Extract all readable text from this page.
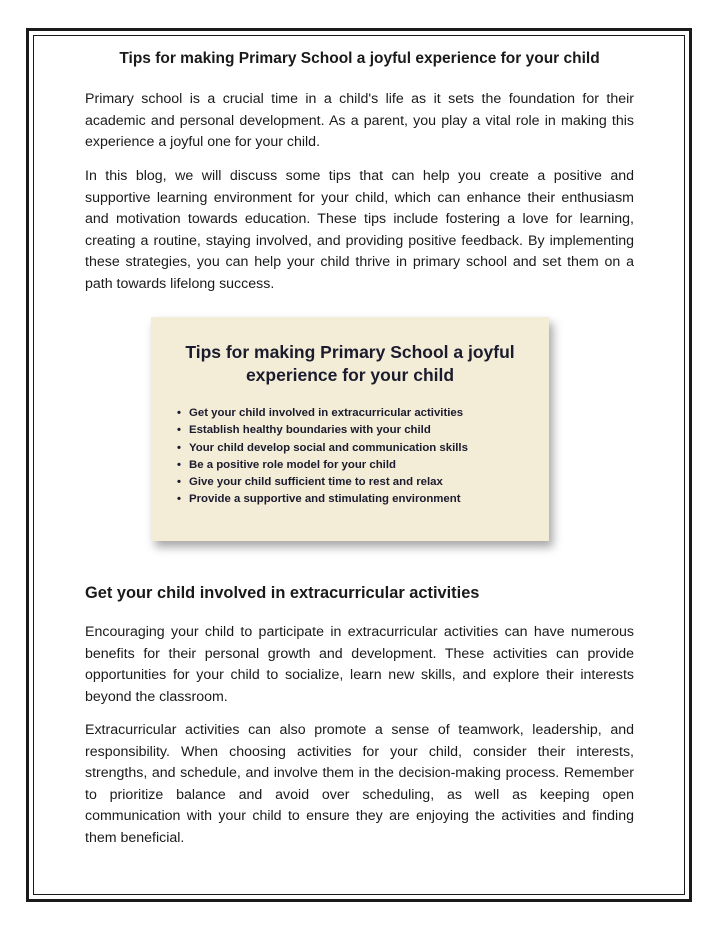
Tips for making Primary School a joyful experience for your child

Primary school is a crucial time in a child's life as it sets the foundation for their academic and personal development. As a parent, you play a vital role in making this experience a joyful one for your child.

In this blog, we will discuss some tips that can help you create a positive and supportive learning environment for your child, which can enhance their enthusiasm and motivation towards education. These tips include fostering a love for learning, creating a routine, staying involved, and providing positive feedback. By implementing these strategies, you can help your child thrive in primary school and set them on a path towards lifelong success.

Tips for making Primary School a joyful experience for your child
• Get your child involved in extracurricular activities
• Establish healthy boundaries with your child
• Your child develop social and communication skills
• Be a positive role model for your child
• Give your child sufficient time to rest and relax
• Provide a supportive and stimulating environment
Get your child involved in extracurricular activities

Encouraging your child to participate in extracurricular activities can have numerous benefits for their personal growth and development. These activities can provide opportunities for your child to socialize, learn new skills, and explore their interests beyond the classroom.

Extracurricular activities can also promote a sense of teamwork, leadership, and responsibility. When choosing activities for your child, consider their interests, strengths, and schedule, and involve them in the decision-making process. Remember to prioritize balance and avoid over scheduling, as well as keeping open communication with your child to ensure they are enjoying the activities and finding them beneficial.
